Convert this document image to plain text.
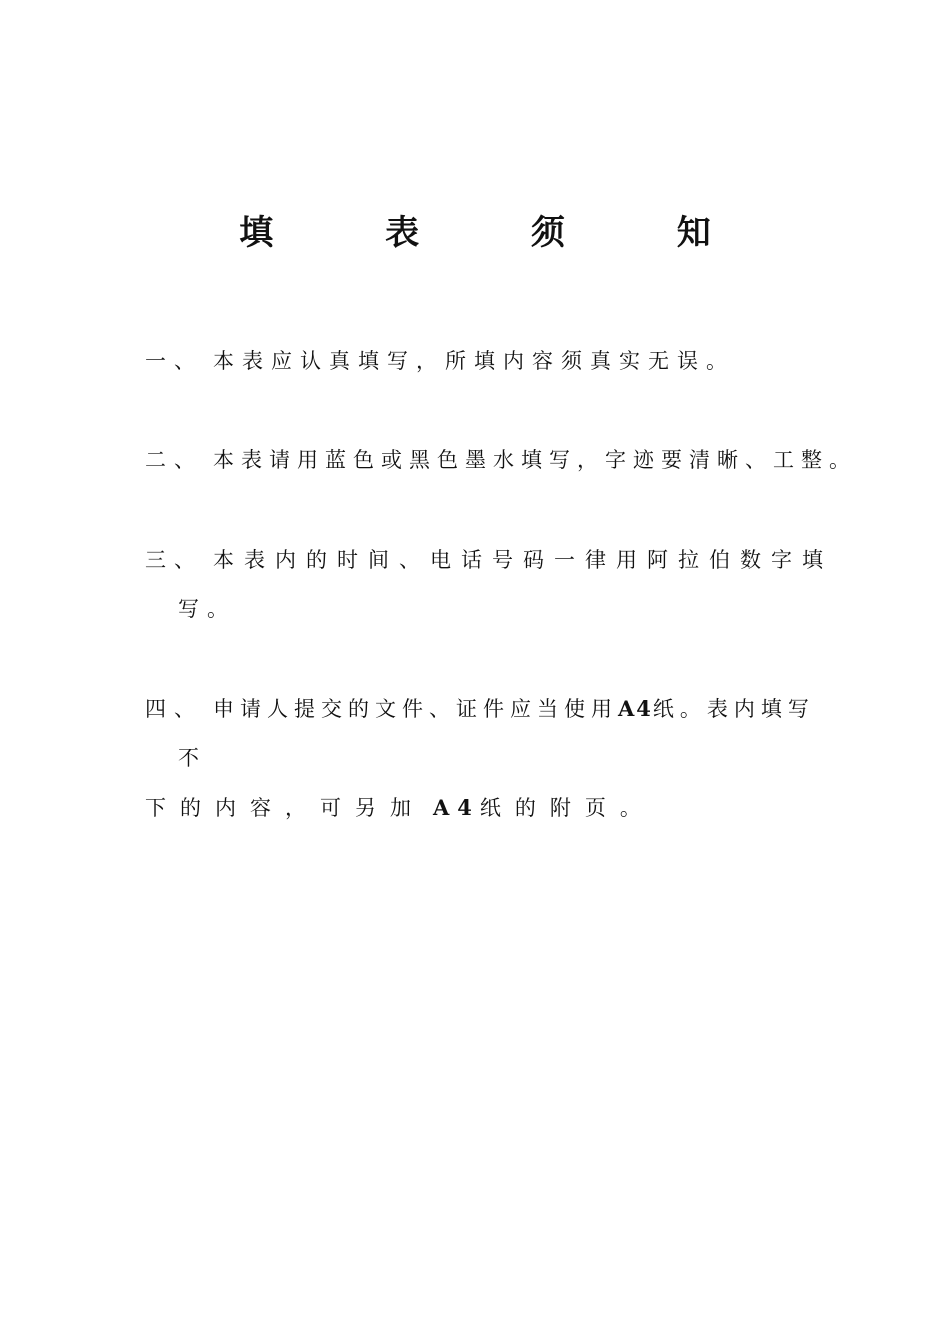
填 表 须 知
一、 本表应认真填写，所填内容须真实无误。
二、 本表请用蓝色或黑色墨水填写，字迹要清晰、工整。
三、 本表内的时间、电话号码一律用阿拉伯数字填
写。
四、 申请人提交的文件、证件应当使用A4纸。表内填写
不
下的内容，可另加 A4纸的附页。
